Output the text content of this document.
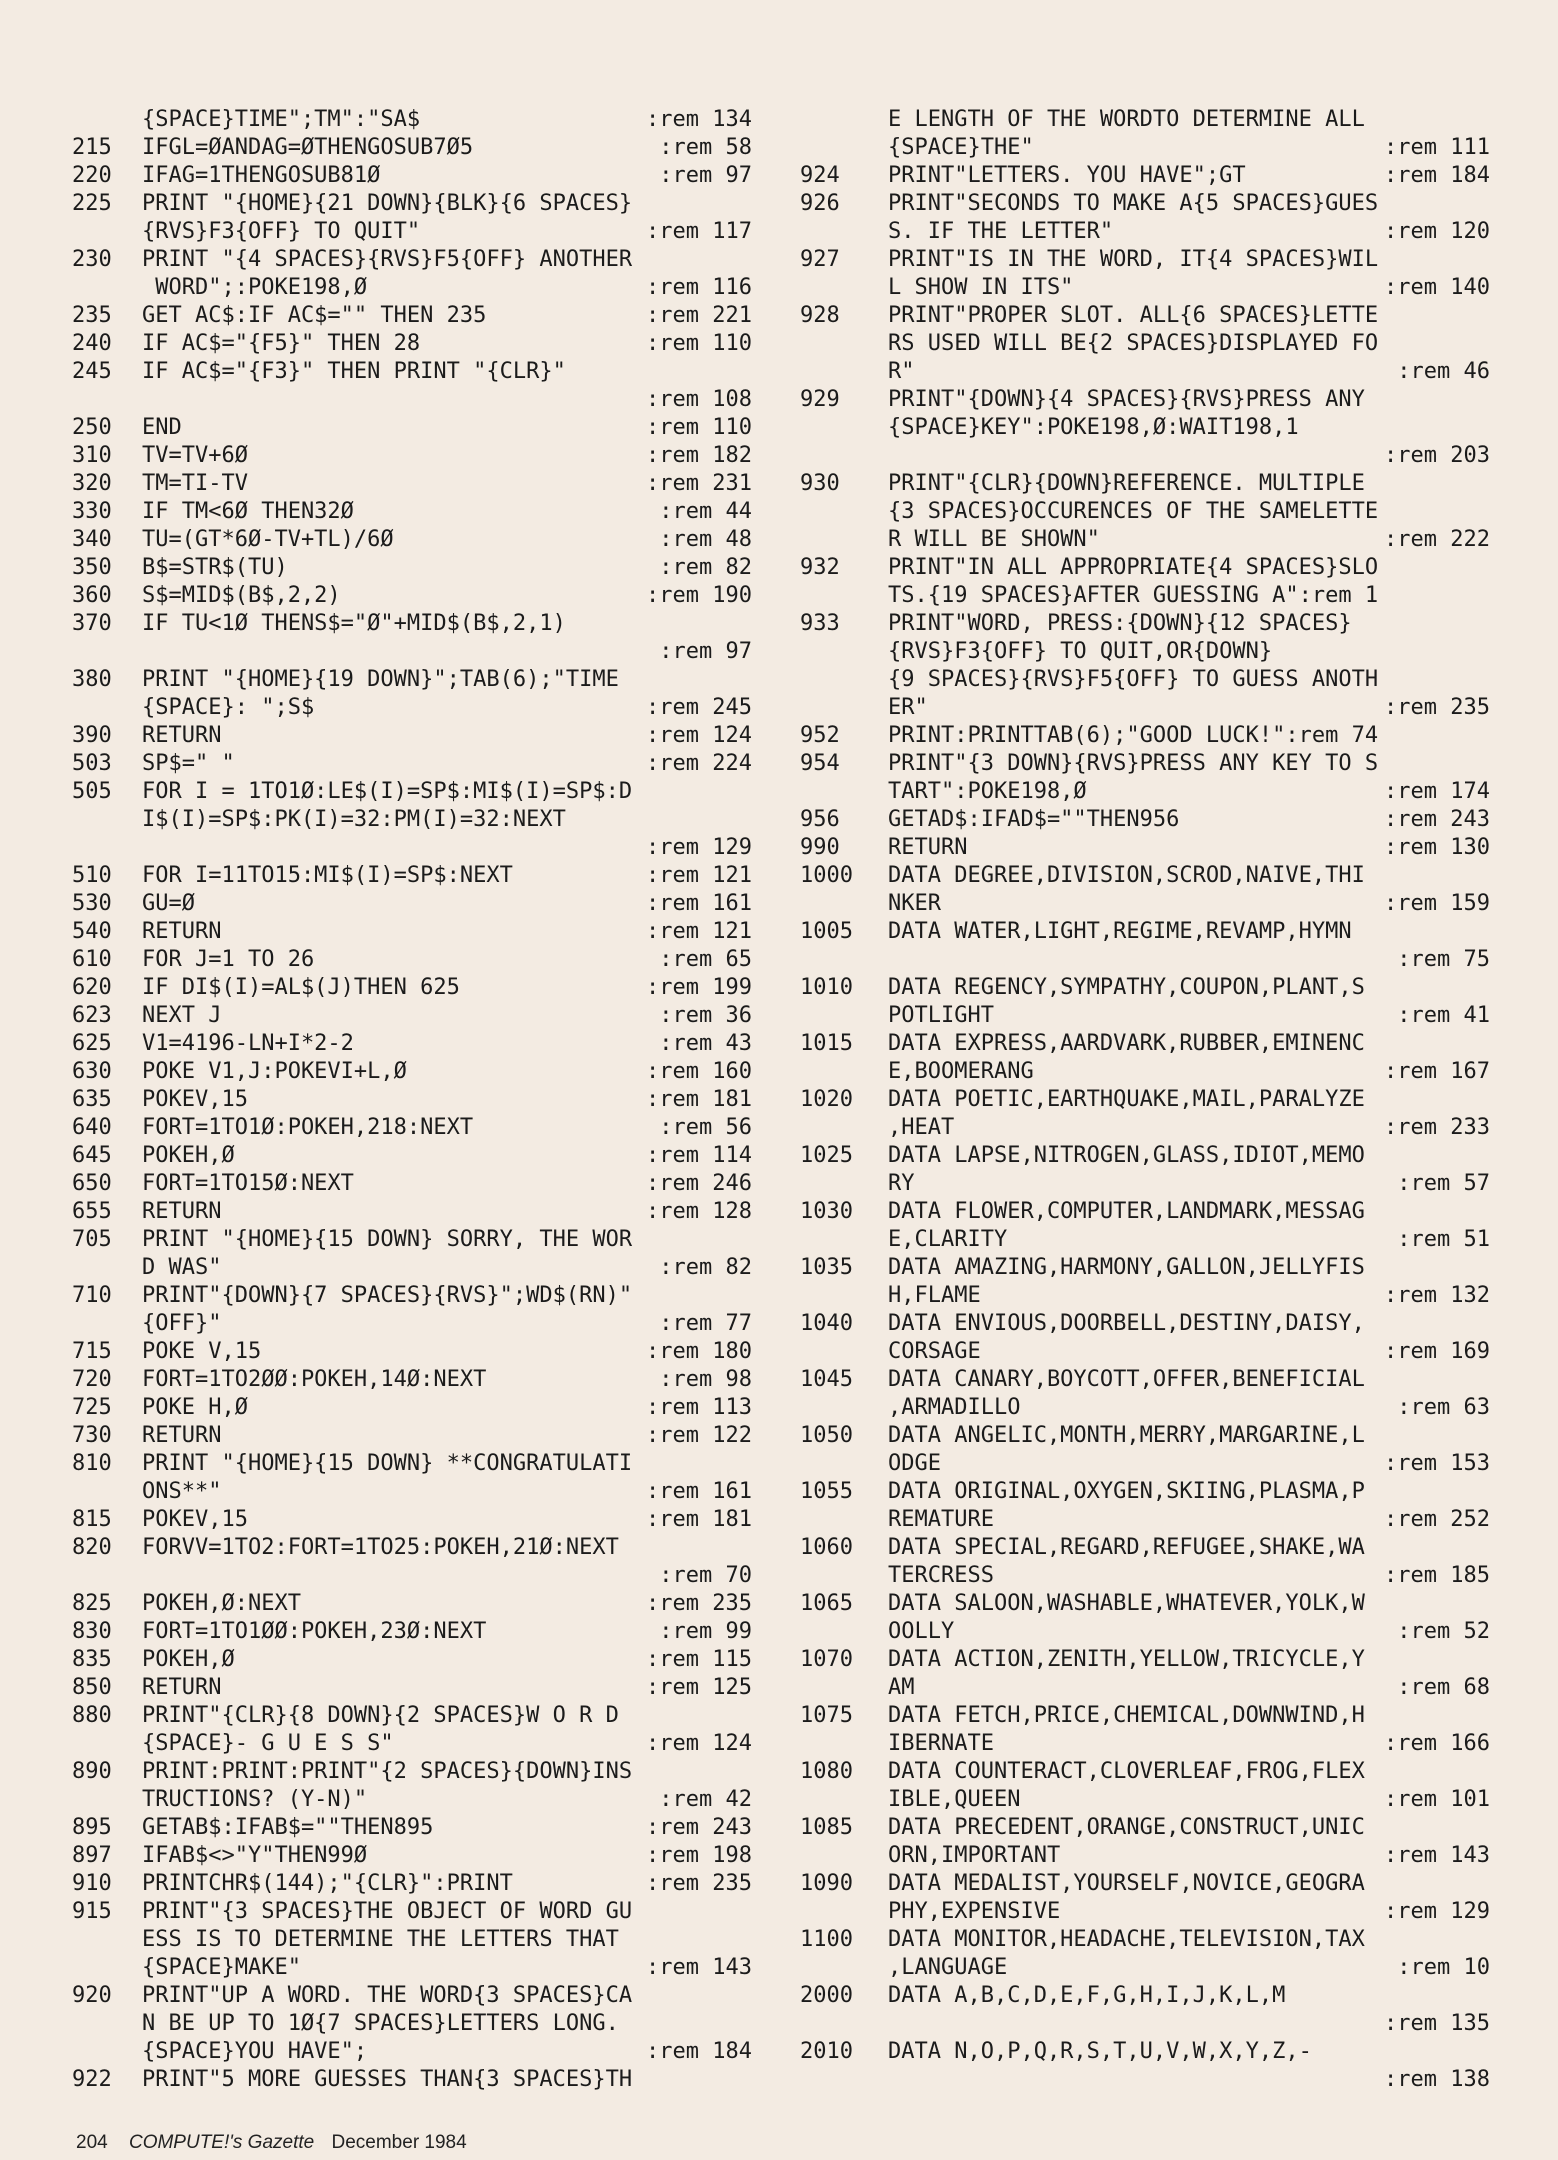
{SPACE}TIME";TM":"SA$	:rem 134
215 IFGL=ØANDAG=ØTHENGOSUB7Ø5	:rem 58
220 IFAG=1THENGOSUB81Ø	:rem 97
225 PRINT "{HOME}{21 DOWN}{BLK}{6 SPACES}
{RVS}F3{OFF} TO QUIT"	:rem 117
230 PRINT "{4 SPACES}{RVS}F5{OFF} ANOTHER
WORD";:POKE198,Ø	:rem 116
235 GET AC$:IF AC$="" THEN 235	:rem 221
240 IF AC$="{F5}" THEN 28	:rem 110
245 IF AC$="{F3}" THEN PRINT "{CLR}"
:rem 108
250 END	:rem 110
310 TV=TV+6Ø	:rem 182
320 TM=TI-TV	:rem 231
330 IF TM<6Ø THEN32Ø	:rem 44
340 TU=(GT*6Ø-TV+TL)/6Ø	:rem 48
350 B$=STR$(TU)	:rem 82
360 S$=MID$(B$,2,2)	:rem 190
370 IF TU<1Ø THENS$="Ø"+MID$(B$,2,1)
:rem 97
380 PRINT "{HOME}{19 DOWN}";TAB(6);"TIME
{SPACE}: ";S$	:rem 245
390 RETURN	:rem 124
503 SP$=" "	:rem 224
505 FOR I = 1TO1Ø:LE$(I)=SP$:MI$(I)=SP$:D
I$(I)=SP$:PK(I)=32:PM(I)=32:NEXT
:rem 129
510 FOR I=11TO15:MI$(I)=SP$:NEXT	:rem 121
530 GU=Ø	:rem 161
540 RETURN	:rem 121
610 FOR J=1 TO 26	:rem 65
620 IF DI$(I)=AL$(J)THEN 625	:rem 199
623 NEXT J	:rem 36
625 V1=4196-LN+I*2-2	:rem 43
630 POKE V1,J:POKEVI+L,Ø	:rem 160
635 POKEV,15	:rem 181
640 FORT=1TO1Ø:POKEH,218:NEXT	:rem 56
645 POKEH,Ø	:rem 114
650 FORT=1TO15Ø:NEXT	:rem 246
655 RETURN	:rem 128
705 PRINT "{HOME}{15 DOWN} SORRY, THE WOR
D WAS"	:rem 82
710 PRINT"{DOWN}{7 SPACES}{RVS}";WD$(RN)"
{OFF}"	:rem 77
715 POKE V,15	:rem 180
720 FORT=1TO2ØØ:POKEH,14Ø:NEXT	:rem 98
725 POKE H,Ø	:rem 113
730 RETURN	:rem 122
810 PRINT "{HOME}{15 DOWN} **CONGRATULATI
ONS**"	:rem 161
815 POKEV,15	:rem 181
820 FORVV=1TO2:FORT=1TO25:POKEH,21Ø:NEXT
:rem 70
825 POKEH,Ø:NEXT	:rem 235
830 FORT=1TO1ØØ:POKEH,23Ø:NEXT	:rem 99
835 POKEH,Ø	:rem 115
850 RETURN	:rem 125
880 PRINT"{CLR}{8 DOWN}{2 SPACES}W O R D
{SPACE}- G U E S S"	:rem 124
890 PRINT:PRINT:PRINT"{2 SPACES}{DOWN}INS
TRUCTIONS? (Y-N)"	:rem 42
895 GETAB$:IFAB$=""THEN895	:rem 243
897 IFAB$<>"Y"THEN99Ø	:rem 198
910 PRINTCHR$(144);"{CLR}":PRINT	:rem 235
915 PRINT"{3 SPACES}THE OBJECT OF WORD GU
ESS IS TO DETERMINE THE LETTERS THAT
{SPACE}MAKE"	:rem 143
920 PRINT"UP A WORD. THE WORD{3 SPACES}CA
N BE UP TO 1Ø{7 SPACES}LETTERS LONG.
{SPACE}YOU HAVE";	:rem 184
922 PRINT"5 MORE GUESSES THAN{3 SPACES}TH
E LENGTH OF THE WORDTO DETERMINE ALL
{SPACE}THE"	:rem 111
924 PRINT"LETTERS. YOU HAVE";GT	:rem 184
926 PRINT"SECONDS TO MAKE A{5 SPACES}GUES
S. IF THE LETTER"	:rem 120
927 PRINT"IS IN THE WORD, IT{4 SPACES}WIL
L SHOW IN ITS"	:rem 140
928 PRINT"PROPER SLOT. ALL{6 SPACES}LETTE
RS USED WILL BE{2 SPACES}DISPLAYED FO
R"	:rem 46
929 PRINT"{DOWN}{4 SPACES}{RVS}PRESS ANY
{SPACE}KEY":POKE198,Ø:WAIT198,1
:rem 203
930 PRINT"{CLR}{DOWN}REFERENCE. MULTIPLE
{3 SPACES}OCCURENCES OF THE SAMELETTE
R WILL BE SHOWN"	:rem 222
932 PRINT"IN ALL APPROPRIATE{4 SPACES}SLO
TS.{19 SPACES}AFTER GUESSING A":rem 1
933 PRINT"WORD, PRESS:{DOWN}{12 SPACES}
{RVS}F3{OFF} TO QUIT,OR{DOWN}
{9 SPACES}{RVS}F5{OFF} TO GUESS ANOTH
ER"	:rem 235
952 PRINT:PRINTTAB(6);"GOOD LUCK!":rem 74
954 PRINT"{3 DOWN}{RVS}PRESS ANY KEY TO S
TART":POKE198,Ø	:rem 174
956 GETAD$:IFAD$=""THEN956	:rem 243
990 RETURN	:rem 130
1000 DATA DEGREE,DIVISION,SCROD,NAIVE,THI
NKER	:rem 159
1005 DATA WATER,LIGHT,REGIME,REVAMP,HYMN
:rem 75
1010 DATA REGENCY,SYMPATHY,COUPON,PLANT,S
POTLIGHT	:rem 41
1015 DATA EXPRESS,AARDVARK,RUBBER,EMINENC
E,BOOMERANG	:rem 167
1020 DATA POETIC,EARTHQUAKE,MAIL,PARALYZE
,HEAT	:rem 233
1025 DATA LAPSE,NITROGEN,GLASS,IDIOT,MEMO
RY	:rem 57
1030 DATA FLOWER,COMPUTER,LANDMARK,MESSAG
E,CLARITY	:rem 51
1035 DATA AMAZING,HARMONY,GALLON,JELLYFIS
H,FLAME	:rem 132
1040 DATA ENVIOUS,DOORBELL,DESTINY,DAISY,
CORSAGE	:rem 169
1045 DATA CANARY,BOYCOTT,OFFER,BENEFICIAL
,ARMADILLO	:rem 63
1050 DATA ANGELIC,MONTH,MERRY,MARGARINE,L
ODGE	:rem 153
1055 DATA ORIGINAL,OXYGEN,SKIING,PLASMA,P
REMATURE	:rem 252
1060 DATA SPECIAL,REGARD,REFUGEE,SHAKE,WA
TERCRESS	:rem 185
1065 DATA SALOON,WASHABLE,WHATEVER,YOLK,W
OOLLY	:rem 52
1070 DATA ACTION,ZENITH,YELLOW,TRICYCLE,Y
AM	:rem 68
1075 DATA FETCH,PRICE,CHEMICAL,DOWNWIND,H
IBERNATE	:rem 166
1080 DATA COUNTERACT,CLOVERLEAF,FROG,FLEX
IBLE,QUEEN	:rem 101
1085 DATA PRECEDENT,ORANGE,CONSTRUCT,UNIC
ORN,IMPORTANT	:rem 143
1090 DATA MEDALIST,YOURSELF,NOVICE,GEOGRA
PHY,EXPENSIVE	:rem 129
1100 DATA MONITOR,HEADACHE,TELEVISION,TAX
,LANGUAGE	:rem 10
2000 DATA A,B,C,D,E,F,G,H,I,J,K,L,M
:rem 135
2010 DATA N,O,P,Q,R,S,T,U,V,W,X,Y,Z,-
:rem 138
204 COMPUTE!'s Gazette December 1984
